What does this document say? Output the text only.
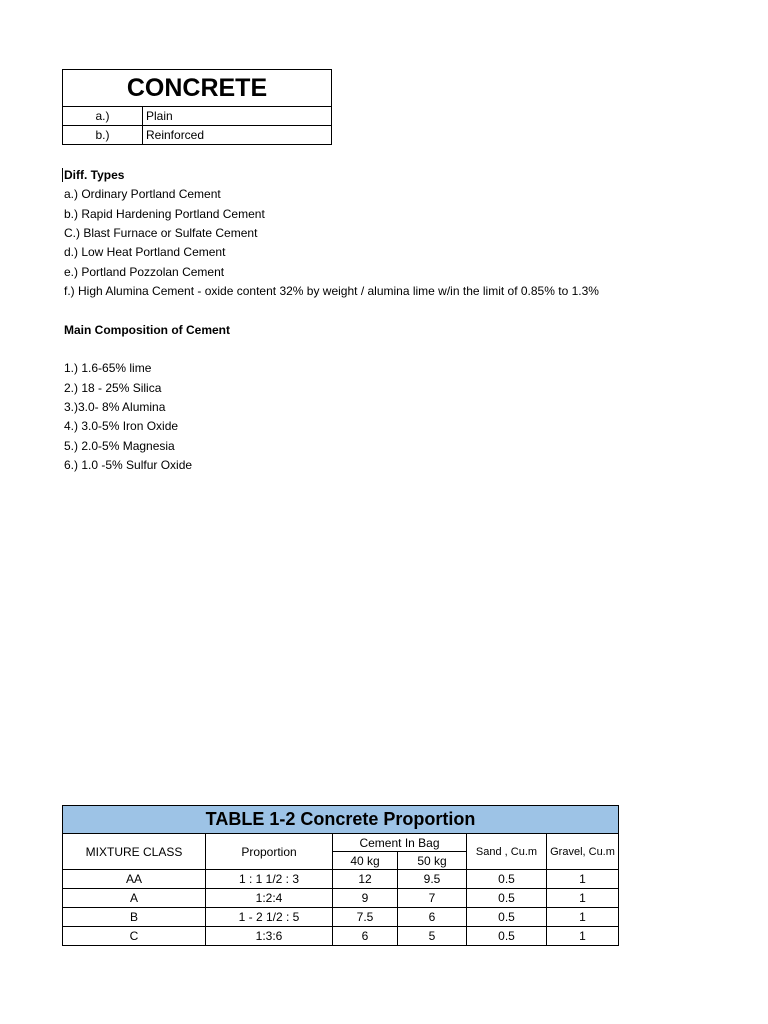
CONCRETE	
a.)	Plain
b.)	Reinforced
Diff. Types
a.) Ordinary Portland Cement
b.) Rapid Hardening Portland Cement
C.) Blast Furnace or Sulfate Cement
d.) Low Heat Portland Cement
e.) Portland Pozzolan Cement
f.) High Alumina Cement - oxide content 32% by weight / alumina lime w/in the limit of 0.85% to 1.3%
Main Composition of Cement
1.) 1.6-65% lime
2.) 18 - 25% Silica
3.)3.0- 8% Alumina
4.) 3.0-5% Iron Oxide
5.) 2.0-5% Magnesia
6.) 1.0 -5% Sulfur Oxide
TABLE 1-2 Concrete Proportion					
MIXTURE CLASS	Proportion	Cement In Bag		Sand , Cu.m	Gravel, Cu.m
		40 kg	50 kg		
AA	1 : 1 1/2 : 3	12	9.5	0.5	1
A	1:2:4	9	7	0.5	1
B	1 - 2 1/2 : 5	7.5	6	0.5	1
C	1:3:6	6	5	0.5	1
